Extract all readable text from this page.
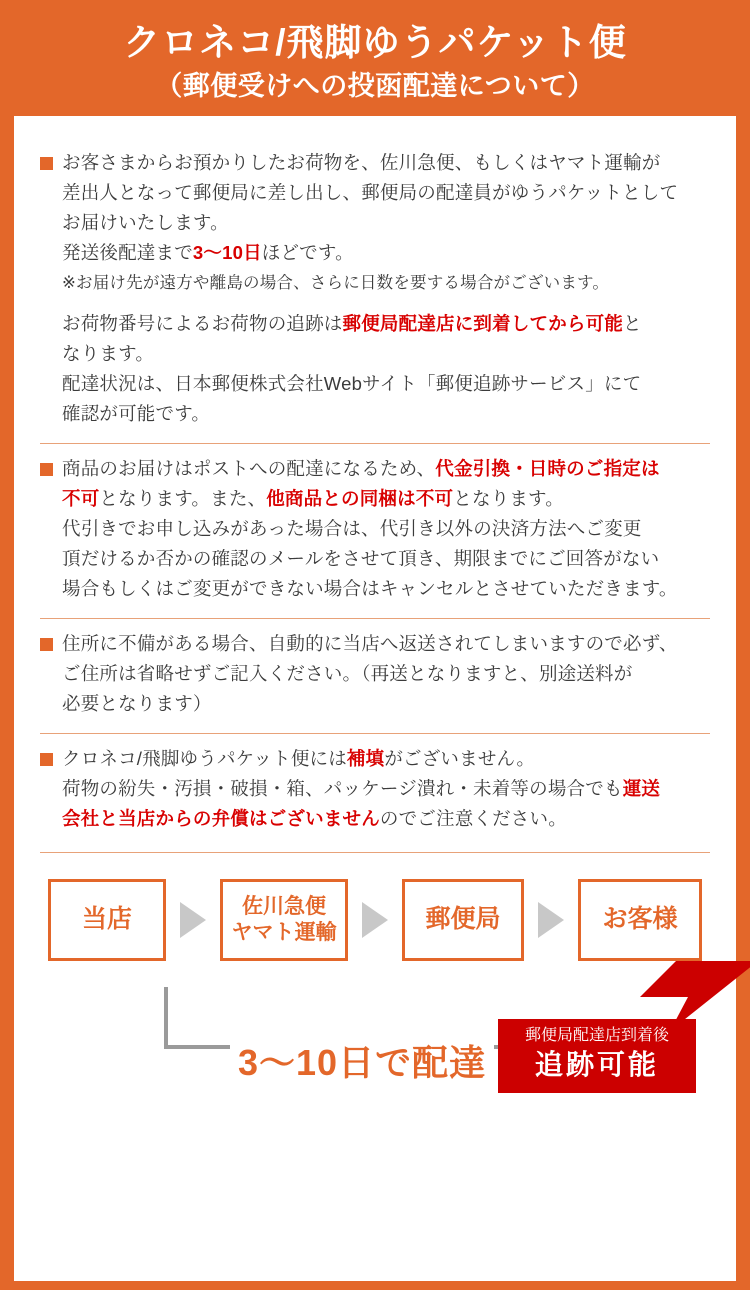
クロネコ/飛脚ゆうパケット便
（郵便受けへの投函配達について）
お客さまからお預かりしたお荷物を、佐川急便、もしくはヤマト運輸が
差出人となって郵便局に差し出し、郵便局の配達員がゆうパケットとして
お届けいたします。
発送後配達まで3〜10日ほどです。
※お届け先が遠方や離島の場合、さらに日数を要する場合がございます。
お荷物番号によるお荷物の追跡は郵便局配達店に到着してから可能と
なります。
配達状況は、日本郵便株式会社Webサイト「郵便追跡サービス」にて
確認が可能です。
商品のお届けはポストへの配達になるため、代金引換・日時のご指定は
不可となります。また、他商品との同梱は不可となります。
代引きでお申し込みがあった場合は、代引き以外の決済方法へご変更
頂だけるか否かの確認のメールをさせて頂き、期限までにご回答がない
場合もしくはご変更ができない場合はキャンセルとさせていただきます。
住所に不備がある場合、自動的に当店へ返送されてしまいますので必ず、
ご住所は省略せずご記入ください。（再送となりますと、別途送料が
必要となります）
クロネコ/飛脚ゆうパケット便には補填がございません。
荷物の紛失・汚損・破損・箱、パッケージ潰れ・未着等の場合でも運送
会社と当店からの弁償はございませんのでご注意ください。
当店	佐川急便
ヤマト運輸	郵便局	お客様
3〜10日で配達
郵便局配達店到着後
追跡可能
